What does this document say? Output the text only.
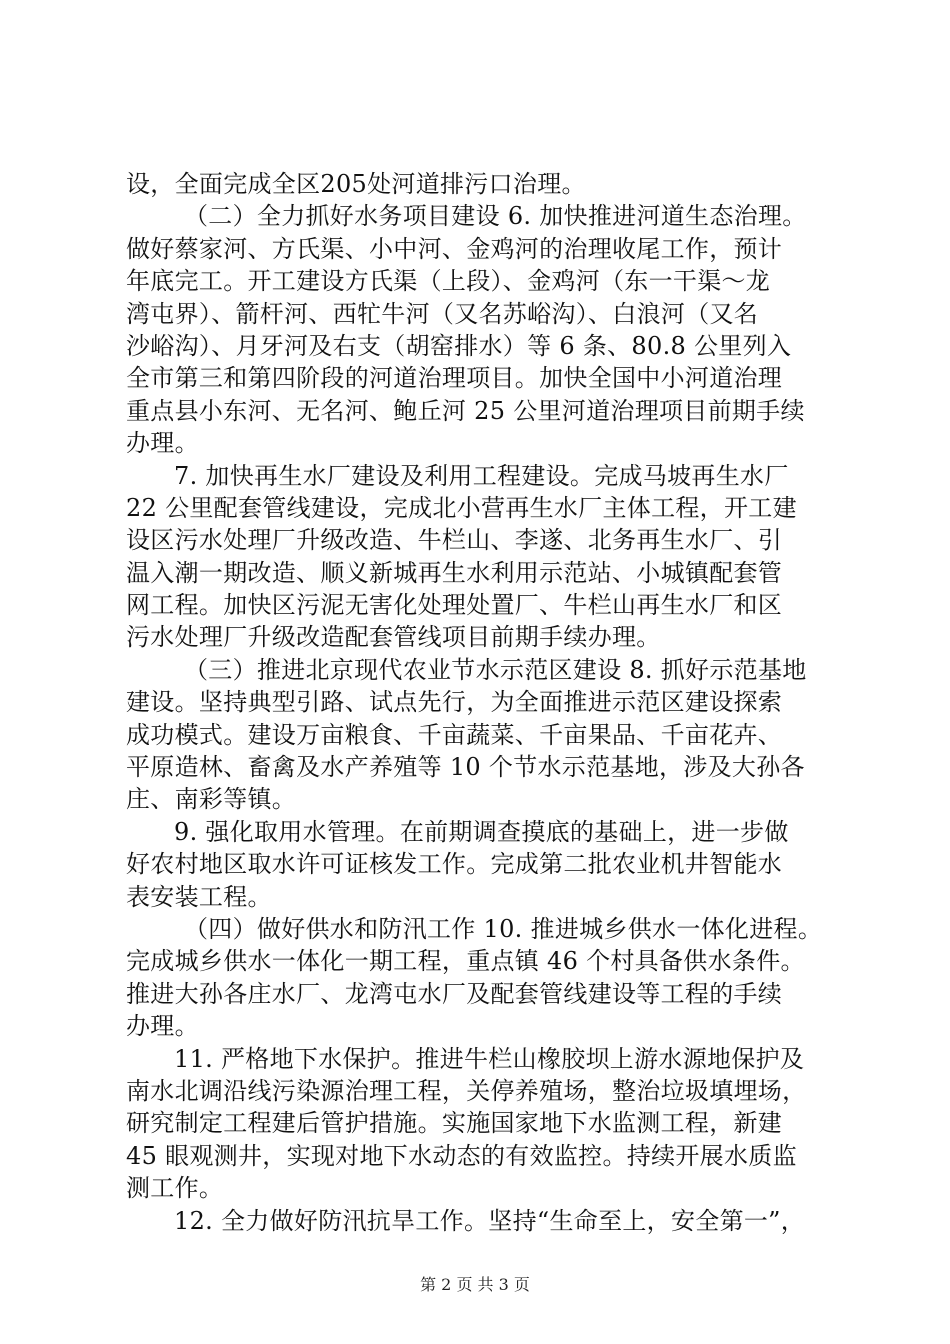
设，全面完成全区205处河道排污口治理。
（二）全力抓好水务项目建设 6. 加快推进河道生态治理。
做好蔡家河、方氏渠、小中河、金鸡河的治理收尾工作，预计
年底完工。开工建设方氏渠（上段）、金鸡河（东一干渠～龙
湾屯界）、箭杆河、西牤牛河（又名苏峪沟）、白浪河（又名
沙峪沟）、月牙河及右支（胡窑排水）等 6 条、80.8 公里列入
全市第三和第四阶段的河道治理项目。加快全国中小河道治理
重点县小东河、无名河、鲍丘河 25 公里河道治理项目前期手续
办理。
7. 加快再生水厂建设及利用工程建设。完成马坡再生水厂
22 公里配套管线建设，完成北小营再生水厂主体工程，开工建
设区污水处理厂升级改造、牛栏山、李遂、北务再生水厂、引
温入潮一期改造、顺义新城再生水利用示范站、小城镇配套管
网工程。加快区污泥无害化处理处置厂、牛栏山再生水厂和区
污水处理厂升级改造配套管线项目前期手续办理。
（三）推进北京现代农业节水示范区建设 8. 抓好示范基地
建设。坚持典型引路、试点先行，为全面推进示范区建设探索
成功模式。建设万亩粮食、千亩蔬菜、千亩果品、千亩花卉、
平原造林、畜禽及水产养殖等 10 个节水示范基地，涉及大孙各
庄、南彩等镇。
9. 强化取用水管理。在前期调查摸底的基础上，进一步做
好农村地区取水许可证核发工作。完成第二批农业机井智能水
表安装工程。
（四）做好供水和防汛工作 10. 推进城乡供水一体化进程。
完成城乡供水一体化一期工程，重点镇 46 个村具备供水条件。
推进大孙各庄水厂、龙湾屯水厂及配套管线建设等工程的手续
办理。
11. 严格地下水保护。推进牛栏山橡胶坝上游水源地保护及
南水北调沿线污染源治理工程，关停养殖场，整治垃圾填埋场，
研究制定工程建后管护措施。实施国家地下水监测工程，新建
45 眼观测井，实现对地下水动态的有效监控。持续开展水质监
测工作。
12. 全力做好防汛抗旱工作。坚持“生命至上，安全第一”，
第 2 页 共 3 页
